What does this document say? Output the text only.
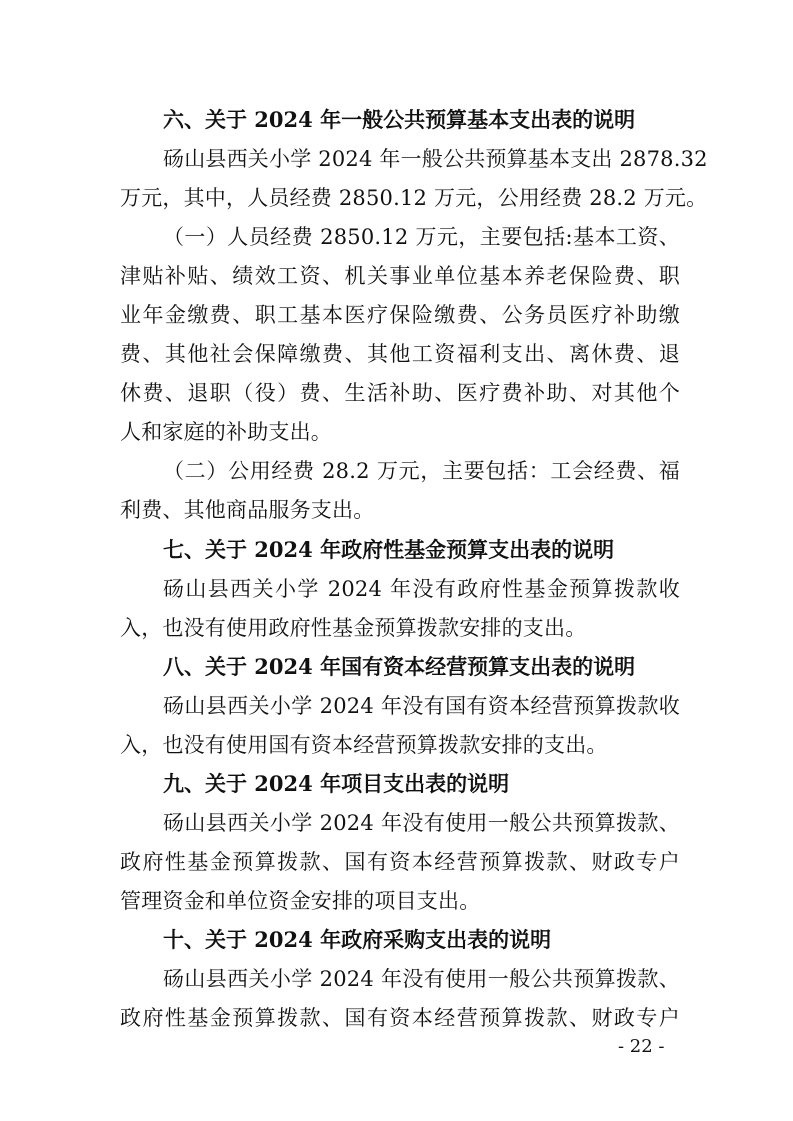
六、关于 2024 年一般公共预算基本支出表的说明
砀山县西关小学 2024 年一般公共预算基本支出 2878.32
万元，其中，人员经费 2850.12 万元，公用经费 28.2 万元。
（一）人员经费 2850.12 万元，主要包括:基本工资、
津贴补贴、绩效工资、机关事业单位基本养老保险费、职
业年金缴费、职工基本医疗保险缴费、公务员医疗补助缴
费、其他社会保障缴费、其他工资福利支出、离休费、退
休费、退职（役）费、生活补助、医疗费补助、对其他个
人和家庭的补助支出。
（二）公用经费 28.2 万元，主要包括：工会经费、福
利费、其他商品服务支出。
七、关于 2024 年政府性基金预算支出表的说明
砀山县西关小学 2024 年没有政府性基金预算拨款收
入，也没有使用政府性基金预算拨款安排的支出。
八、关于 2024 年国有资本经营预算支出表的说明
砀山县西关小学 2024 年没有国有资本经营预算拨款收
入，也没有使用国有资本经营预算拨款安排的支出。
九、关于 2024 年项目支出表的说明
砀山县西关小学 2024 年没有使用一般公共预算拨款、
政府性基金预算拨款、国有资本经营预算拨款、财政专户
管理资金和单位资金安排的项目支出。
十、关于 2024 年政府采购支出表的说明
砀山县西关小学 2024 年没有使用一般公共预算拨款、
政府性基金预算拨款、国有资本经营预算拨款、财政专户
- 22 -
